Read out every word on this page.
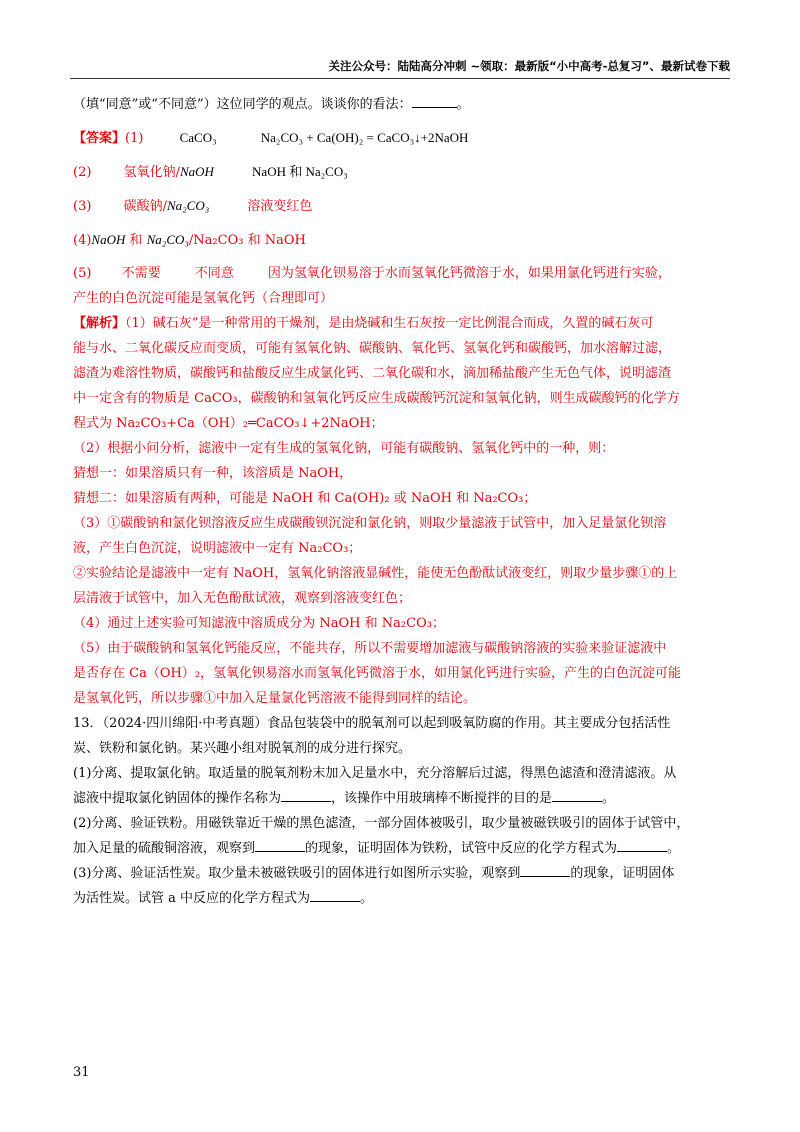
关注公众号：陆陆高分冲刺 ~领取：最新版“小中高考-总复习”、最新试卷下载

（填“同意”或“不同意”）这位同学的观点。谈谈你的看法：	。

【答案】(1)	CaCO₃	Na₂CO₃ + Ca(OH)₂ = CaCO₃↓+2NaOH

(2) 氢氧化钠/NaOH	NaOH 和 Na₂CO₃

(3) 碳酸钠/Na₂CO₃	溶液变红色

(4)NaOH 和 Na₂CO₃/Na₂CO₃ 和 NaOH

(5) 不需要	不同意	因为氢氧化钡易溶于水而氢氧化钙微溶于水，如果用氯化钙进行实验，

产生的白色沉淀可能是氢氧化钙（合理即可）

【解析】（1）碱石灰”是一种常用的干燥剂，是由烧碱和生石灰按一定比例混合而成，久置的碱石灰可

能与水、二氧化碳反应而变质，可能有氢氧化钠、碳酸钠、氧化钙、氢氧化钙和碳酸钙，加水溶解过滤，

滤渣为难溶性物质，碳酸钙和盐酸反应生成氯化钙、二氧化碳和水，滴加稀盐酸产生无色气体，说明滤渣

中一定含有的物质是 CaCO₃，碳酸钠和氢氧化钙反应生成碳酸钙沉淀和氢氧化钠，则生成碳酸钙的化学方

程式为 Na₂CO₃+Ca（OH）₂═CaCO₃↓+2NaOH；

（2）根据小问分析，滤液中一定有生成的氢氧化钠，可能有碳酸钠、氢氧化钙中的一种，则：

猜想一：如果溶质只有一种，该溶质是 NaOH，

猜想二：如果溶质有两种，可能是 NaOH 和 Ca(OH)₂ 或 NaOH 和 Na₂CO₃；

（3）①碳酸钠和氯化钡溶液反应生成碳酸钡沉淀和氯化钠，则取少量滤液于试管中，加入足量氯化钡溶

液，产生白色沉淀，说明滤液中一定有 Na₂CO₃；

②实验结论是滤液中一定有 NaOH，氢氧化钠溶液显碱性，能使无色酚酞试液变红，则取少量步骤①的上

层清液于试管中，加入无色酚酞试液，观察到溶液变红色；

（4）通过上述实验可知滤液中溶质成分为 NaOH 和 Na₂CO₃；

（5）由于碳酸钠和氢氧化钙能反应，不能共存，所以不需要增加滤液与碳酸钠溶液的实验来验证滤液中

是否存在 Ca（OH）₂，氢氧化钡易溶水而氢氧化钙微溶于水，如用氯化钙进行实验，产生的白色沉淀可能

是氢氧化钙，所以步骤①中加入足量氯化钙溶液不能得到同样的结论。

13．（2024·四川绵阳·中考真题）食品包装袋中的脱氧剂可以起到吸氧防腐的作用。其主要成分包括活性

炭、铁粉和氯化钠。某兴趣小组对脱氧剂的成分进行探究。

(1)分离、提取氯化钠。取适量的脱氧剂粉末加入足量水中，充分溶解后过滤，得黑色滤渣和澄清滤液。从

滤液中提取氯化钠固体的操作名称为	，该操作中用玻璃棒不断搅拌的目的是	。

(2)分离、验证铁粉。用磁铁靠近干燥的黑色滤渣，一部分固体被吸引，取少量被磁铁吸引的固体于试管中，

加入足量的硫酸铜溶液，观察到	的现象，证明固体为铁粉，试管中反应的化学方程式为	。

(3)分离、验证活性炭。取少量未被磁铁吸引的固体进行如图所示实验，观察到	的现象，证明固体

为活性炭。试管 a 中反应的化学方程式为	。

31
